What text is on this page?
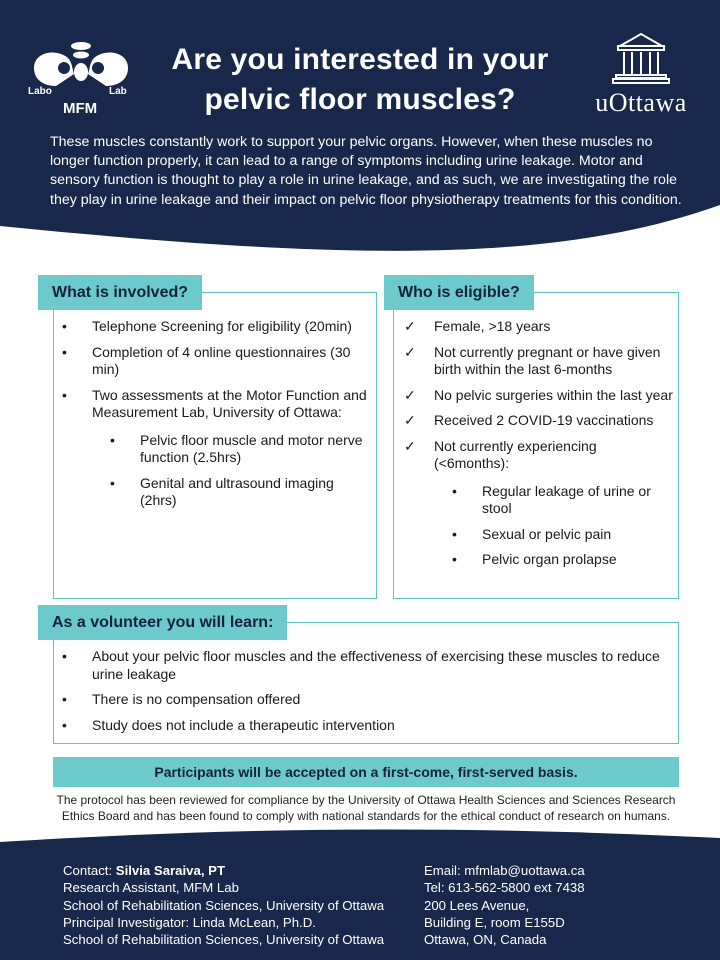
Labo	Lab
MFM
Are you interested in your
pelvic floor muscles?	uOttawa
These muscles constantly work to support your pelvic organs. However, when these muscles no longer function properly, it can lead to a range of symptoms including urine leakage. Motor and sensory function is thought to play a role in urine leakage, and as such, we are investigating the role they play in urine leakage and their impact on pelvic floor physiotherapy treatments for this condition.
What is involved?
•	Telephone Screening for eligibility (20min)
•	Completion of 4 online questionnaires (30 min)
•	Two assessments at the Motor Function and Measurement Lab, University of Ottawa:
•	Pelvic floor muscle and motor nerve function (2.5hrs)
•	Genital and ultrasound imaging (2hrs)
Who is eligible?
✓	Female, >18 years
✓	Not currently pregnant or have given birth within the last 6-months
✓	No pelvic surgeries within the last year
✓	Received 2 COVID-19 vaccinations
✓	Not currently experiencing (<6months):
•	Regular leakage of urine or stool
•	Sexual or pelvic pain
•	Pelvic organ prolapse
As a volunteer you will learn:
•	About your pelvic floor muscles and the effectiveness of exercising these muscles to reduce urine leakage
•	There is no compensation offered
•	Study does not include a therapeutic intervention
Participants will be accepted on a first-come, first-served basis.
The protocol has been reviewed for compliance by the University of Ottawa Health Sciences and Sciences Research Ethics Board and has been found to comply with national standards for the ethical conduct of research on humans.
Contact: Silvia Saraiva, PT
Research Assistant, MFM Lab
School of Rehabilitation Sciences, University of Ottawa
Principal Investigator: Linda McLean, Ph.D.
School of Rehabilitation Sciences, University of Ottawa
Email: mfmlab@uottawa.ca
Tel: 613-562-5800 ext 7438
200 Lees Avenue,
Building E, room E155D
Ottawa, ON, Canada
